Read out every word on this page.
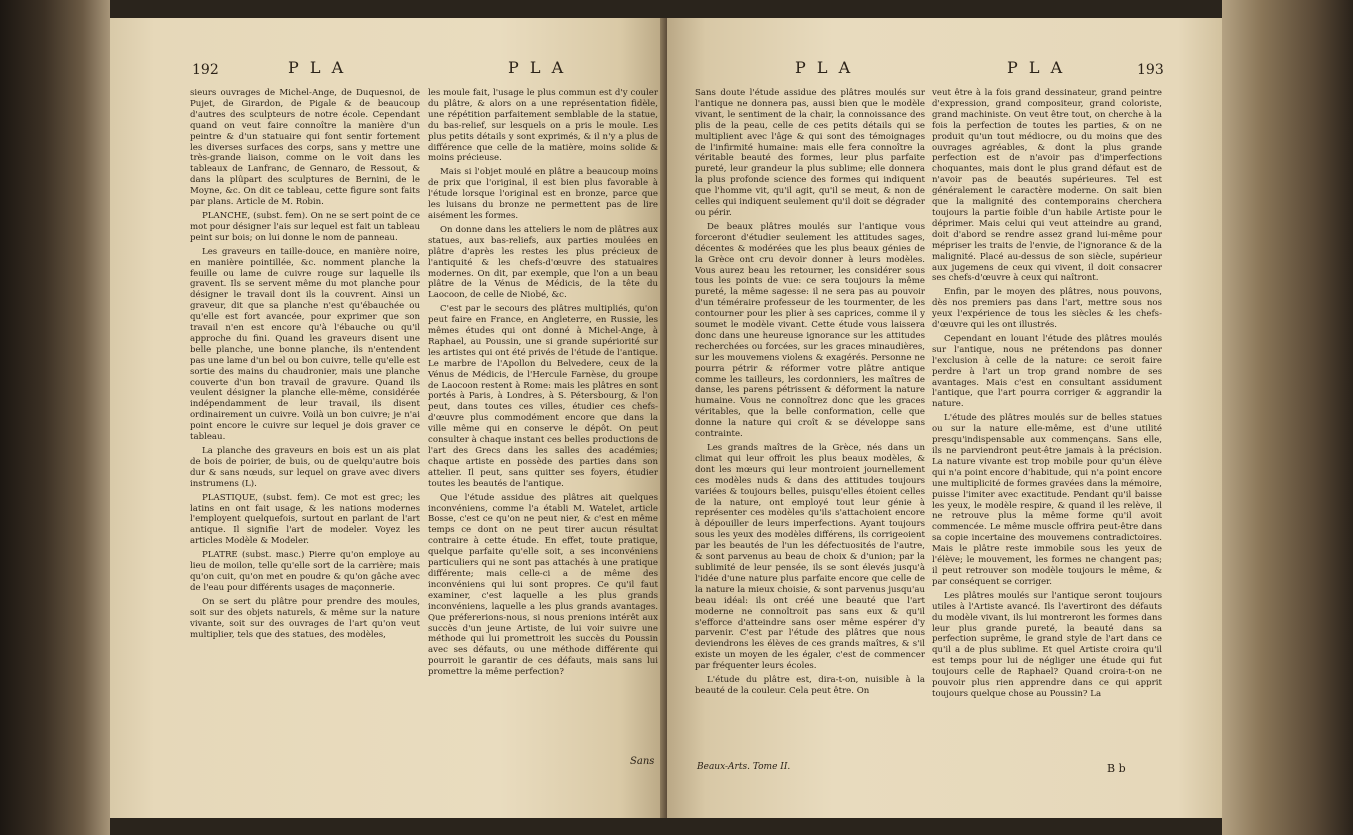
192	P L A	P L A

sieurs ouvrages de Michel-Ange, de Duquesnoi, de Pujet, de Girardon, de Pigale & de beaucoup d'autres des sculpteurs de notre école. Cependant quand on veut faire connoître la manière d'un peintre & d'un statuaire qui font sentir fortement les diverses surfaces des corps, sans y mettre une très-grande liaison, comme on le voit dans les tableaux de Lanfranc, de Gennaro, de Ressout, & dans la plûpart des sculptures de Bernini, de le Moyne, &c. On dit ce tableau, cette figure sont faits par plans. Article de M. Robin.

PLANCHE, (subst. fem). On ne se sert point de ce mot pour désigner l'ais sur lequel est fait un tableau peint sur bois; on lui donne le nom de panneau.

Les graveurs en taille-douce, en manière noire, en manière pointillée, &c. nomment planche la feuille ou lame de cuivre rouge sur laquelle ils gravent. Ils se servent même du mot planche pour désigner le travail dont ils la couvrent. Ainsi un graveur, dit que sa planche n'est qu'ébauchée ou qu'elle est fort avancée, pour exprimer que son travail n'en est encore qu'à l'ébauche ou qu'il approche du fini. Quand les graveurs disent une belle planche, une bonne planche, ils n'entendent pas une lame d'un bel ou bon cuivre, telle qu'elle est sortie des mains du chaudronier, mais une planche couverte d'un bon travail de gravure. Quand ils veulent désigner la planche elle-même, considérée indépendamment de leur travail, ils disent ordinairement un cuivre. Voilà un bon cuivre; je n'ai point encore le cuivre sur lequel je dois graver ce tableau.

La planche des graveurs en bois est un ais plat de bois de poirier, de buis, ou de quelqu'autre bois dur & sans nœuds, sur lequel on grave avec divers instrumens (L).

PLASTIQUE, (subst. fem). Ce mot est grec; les latins en ont fait usage, & les nations modernes l'employent quelquefois, surtout en parlant de l'art antique. Il signifie l'art de modeler. Voyez les articles Modèle & Modeler.

PLATRE (subst. masc.) Pierre qu'on employe au lieu de moilon, telle qu'elle sort de la carrière; mais qu'on cuit, qu'on met en poudre & qu'on gâche avec de l'eau pour différents usages de maçonnerie.

On se sert du plâtre pour prendre des moules, soit sur des objets naturels, & même sur la nature vivante, soit sur des ouvrages de l'art qu'on veut multiplier, tels que des statues, des modèles,

les moule fait, l'usage le plus commun est d'y couler du plâtre, & alors on a une représentation fidèle, une répétition parfaitement semblable de la statue, du bas-relief, sur lesquels on a pris le moule. Les plus petits détails y sont exprimés, & il n'y a plus de différence que celle de la matière, moins solide & moins précieuse.

Mais si l'objet moulé en plâtre a beaucoup moins de prix que l'original, il est bien plus favorable à l'étude lorsque l'original est en bronze, parce que les luisans du bronze ne permettent pas de lire aisément les formes.

On donne dans les atteliers le nom de plâtres aux statues, aux bas-reliefs, aux parties moulées en plâtre d'après les restes les plus précieux de l'antiquité & les chefs-d'œuvre des statuaires modernes. On dit, par exemple, que l'on a un beau plâtre de la Vénus de Médicis, de la tête du Laocoon, de celle de Niobé, &c.

C'est par le secours des plâtres multipliés, qu'on peut faire en France, en Angleterre, en Russie, les mêmes études qui ont donné à Michel-Ange, à Raphael, au Poussin, une si grande supériorité sur les artistes qui ont été privés de l'étude de l'antique. Le marbre de l'Apollon du Belvedere, ceux de la Vénus de Médicis, de l'Hercule Farnèse, du groupe de Laocoon restent à Rome: mais les plâtres en sont portés à Paris, à Londres, à S. Pétersbourg, & l'on peut, dans toutes ces villes, étudier ces chefs-d'œuvre plus commodément encore que dans la ville même qui en conserve le dépôt. On peut consulter à chaque instant ces belles productions de l'art des Grecs dans les salles des académies; chaque artiste en possède des parties dans son attelier. Il peut, sans quitter ses foyers, étudier toutes les beautés de l'antique.

Que l'étude assidue des plâtres ait quelques inconvéniens, comme l'a établi M. Watelet, article Bosse, c'est ce qu'on ne peut nier, & c'est en même temps ce dont on ne peut tirer aucun résultat contraire à cette étude. En effet, toute pratique, quelque parfaite qu'elle soit, a ses inconvéniens particuliers qui ne sont pas attachés à une pratique différente; mais celle-ci a de même des inconvéniens qui lui sont propres. Ce qu'il faut examiner, c'est laquelle a les plus grands inconvéniens, laquelle a les plus grands avantages. Que préfererions-nous, si nous prenions intérêt aux succès d'un jeune Artiste, de lui voir suivre une méthode qui lui promettroit les succès du Poussin avec ses défauts, ou une méthode différente qui pourroit le garantir de ces défauts, mais sans lui promettre la même perfection?

Sans
P L A	P L A	193

Sans doute l'étude assidue des plâtres moulés sur l'antique ne donnera pas, aussi bien que le modèle vivant, le sentiment de la chair, la connoissance des plis de la peau, celle de ces petits détails qui se multiplient avec l'âge & qui sont des témoignages de l'infirmité humaine: mais elle fera connoître la véritable beauté des formes, leur plus parfaite pureté, leur grandeur la plus sublime; elle donnera la plus profonde science des formes qui indiquent que l'homme vit, qu'il agit, qu'il se meut, & non de celles qui indiquent seulement qu'il doit se dégrader ou périr.

De beaux plâtres moulés sur l'antique vous forceront d'étudier seulement les attitudes sages, décentes & modérées que les plus beaux génies de la Grèce ont cru devoir donner à leurs modèles. Vous aurez beau les retourner, les considérer sous tous les points de vue: ce sera toujours la même pureté, la même sagesse: il ne sera pas au pouvoir d'un téméraire professeur de les tourmenter, de les contourner pour les plier à ses caprices, comme il y soumet le modèle vivant. Cette étude vous laissera donc dans une heureuse ignorance sur les attitudes recherchées ou forcées, sur les graces minaudières, sur les mouvemens violens & exagérés. Personne ne pourra pétrir & réformer votre plâtre antique comme les tailleurs, les cordonniers, les maîtres de danse, les parens pétrissent & déforment la nature humaine. Vous ne connoîtrez donc que les graces véritables, que la belle conformation, celle que donne la nature qui croît & se développe sans contrainte.

Les grands maîtres de la Grèce, nés dans un climat qui leur offroit les plus beaux modèles, & dont les mœurs qui leur montroient journellement ces modèles nuds & dans des attitudes toujours variées & toujours belles, puisqu'elles étoient celles de la nature, ont employé tout leur génie à représenter ces modèles qu'ils s'attachoient encore à dépouiller de leurs imperfections. Ayant toujours sous les yeux des modèles différens, ils corrigeoient par les beautés de l'un les défectuosités de l'autre, & sont parvenus au beau de choix & d'union; par la sublimité de leur pensée, ils se sont élevés jusqu'à l'idée d'une nature plus parfaite encore que celle de la nature la mieux choisie, & sont parvenus jusqu'au beau idéal: ils ont créé une beauté que l'art moderne ne connoîtroit pas sans eux & qu'il s'efforce d'atteindre sans oser même espérer d'y parvenir. C'est par l'étude des plâtres que nous deviendrons les élèves de ces grands maîtres, & s'il existe un moyen de les égaler, c'est de commencer par fréquenter leurs écoles.

L'étude du plâtre est, dira-t-on, nuisible à la beauté de la couleur. Cela peut être. On

Beaux-Arts. Tome II.

veut être à la fois grand dessinateur, grand peintre d'expression, grand compositeur, grand coloriste, grand machiniste. On veut être tout, on cherche à la fois la perfection de toutes les parties, & on ne produit qu'un tout médiocre, ou du moins que des ouvrages agréables, & dont la plus grande perfection est de n'avoir pas d'imperfections choquantes, mais dont le plus grand défaut est de n'avoir pas de beautés supérieures. Tel est généralement le caractère moderne. On sait bien que la malignité des contemporains cherchera toujours la partie foible d'un habile Artiste pour le déprimer. Mais celui qui veut atteindre au grand, doit d'abord se rendre assez grand lui-même pour mépriser les traits de l'envie, de l'ignorance & de la malignité. Placé au-dessus de son siècle, supérieur aux jugemens de ceux qui vivent, il doit consacrer ses chefs-d'œuvre à ceux qui naîtront.

Enfin, par le moyen des plâtres, nous pouvons, dès nos premiers pas dans l'art, mettre sous nos yeux l'expérience de tous les siècles & les chefs-d'œuvre qui les ont illustrés.

Cependant en louant l'étude des plâtres moulés sur l'antique, nous ne prétendons pas donner l'exclusion à celle de la nature: ce seroit faire perdre à l'art un trop grand nombre de ses avantages. Mais c'est en consultant assidument l'antique, que l'art pourra corriger & aggrandir la nature.

L'étude des plâtres moulés sur de belles statues ou sur la nature elle-même, est d'une utilité presqu'indispensable aux commençans. Sans elle, ils ne parviendront peut-être jamais à la précision. La nature vivante est trop mobile pour qu'un élève qui n'a point encore d'habitude, qui n'a point encore une multiplicité de formes gravées dans la mémoire, puisse l'imiter avec exactitude. Pendant qu'il baisse les yeux, le modèle respire, & quand il les relève, il ne retrouve plus la même forme qu'il avoit commencée. Le même muscle offrira peut-être dans sa copie incertaine des mouvemens contradictoires. Mais le plâtre reste immobile sous les yeux de l'élève; le mouvement, les formes ne changent pas; il peut retrouver son modèle toujours le même, & par conséquent se corriger.

Les plâtres moulés sur l'antique seront toujours utiles à l'Artiste avancé. Ils l'avertiront des défauts du modèle vivant, ils lui montreront les formes dans leur plus grande pureté, la beauté dans sa perfection suprême, le grand style de l'art dans ce qu'il a de plus sublime. Et quel Artiste croira qu'il est temps pour lui de négliger une étude qui fut toujours celle de Raphael? Quand croira-t-on ne pouvoir plus rien apprendre dans ce qui apprit toujours quelque chose au Poussin? La

B b
